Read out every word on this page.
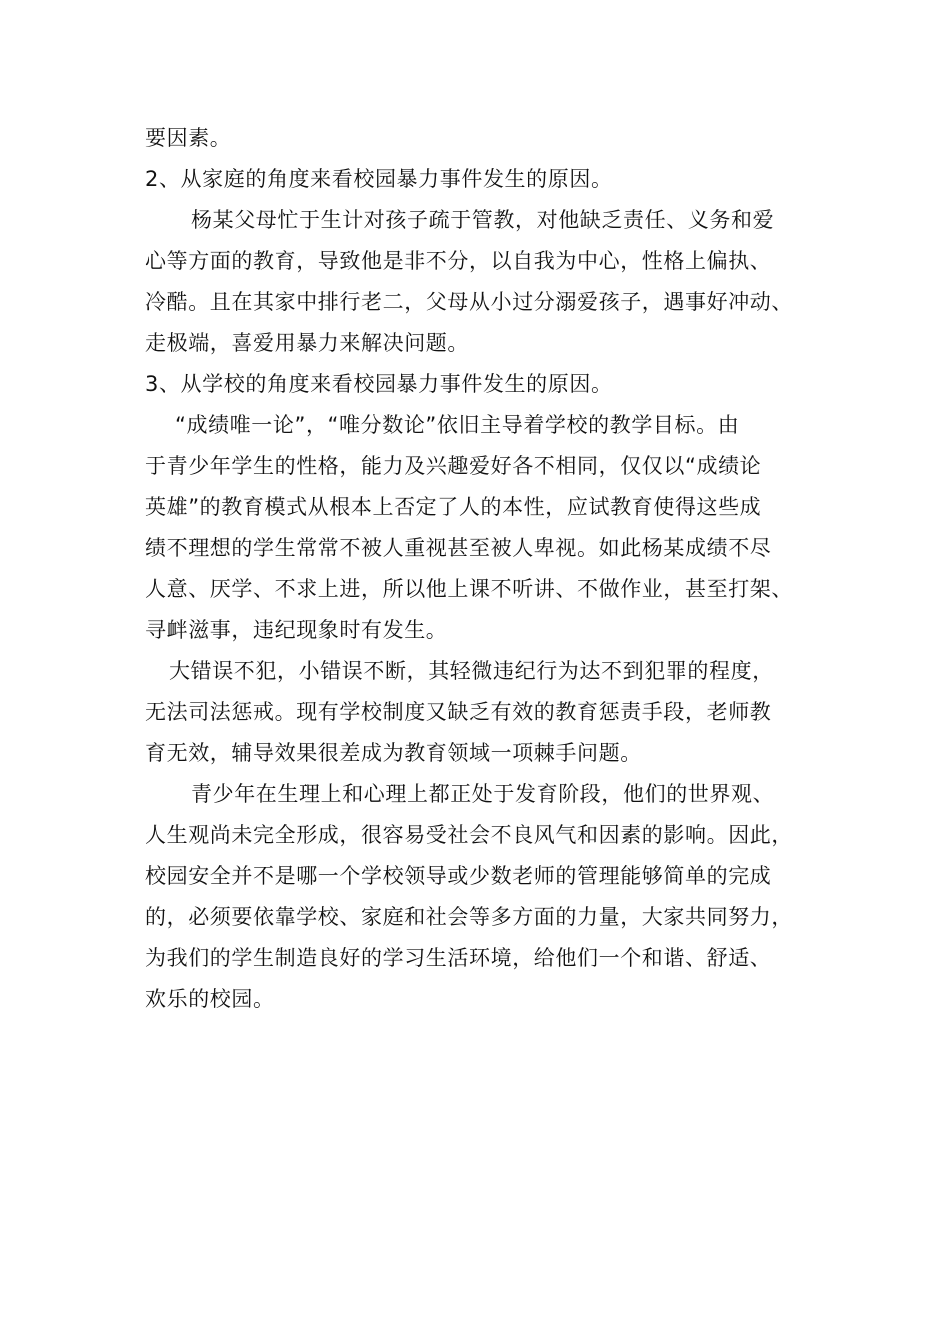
要因素。
2、从家庭的角度来看校园暴力事件发生的原因。
杨某父母忙于生计对孩子疏于管教，对他缺乏责任、义务和爱
心等方面的教育，导致他是非不分，以自我为中心，性格上偏执、
冷酷。且在其家中排行老二，父母从小过分溺爱孩子，遇事好冲动、
走极端，喜爱用暴力来解决问题。
3、从学校的角度来看校园暴力事件发生的原因。
“成绩唯一论”，“唯分数论”依旧主导着学校的教学目标。由
于青少年学生的性格，能力及兴趣爱好各不相同，仅仅以“成绩论
英雄”的教育模式从根本上否定了人的本性，应试教育使得这些成
绩不理想的学生常常不被人重视甚至被人卑视。如此杨某成绩不尽
人意、厌学、不求上进，所以他上课不听讲、不做作业，甚至打架、
寻衅滋事，违纪现象时有发生。
大错误不犯，小错误不断，其轻微违纪行为达不到犯罪的程度，
无法司法惩戒。现有学校制度又缺乏有效的教育惩责手段，老师教
育无效，辅导效果很差成为教育领域一项棘手问题。
青少年在生理上和心理上都正处于发育阶段，他们的世界观、
人生观尚未完全形成，很容易受社会不良风气和因素的影响。因此，
校园安全并不是哪一个学校领导或少数老师的管理能够简单的完成
的，必须要依靠学校、家庭和社会等多方面的力量，大家共同努力，
为我们的学生制造良好的学习生活环境，给他们一个和谐、舒适、
欢乐的校园。
